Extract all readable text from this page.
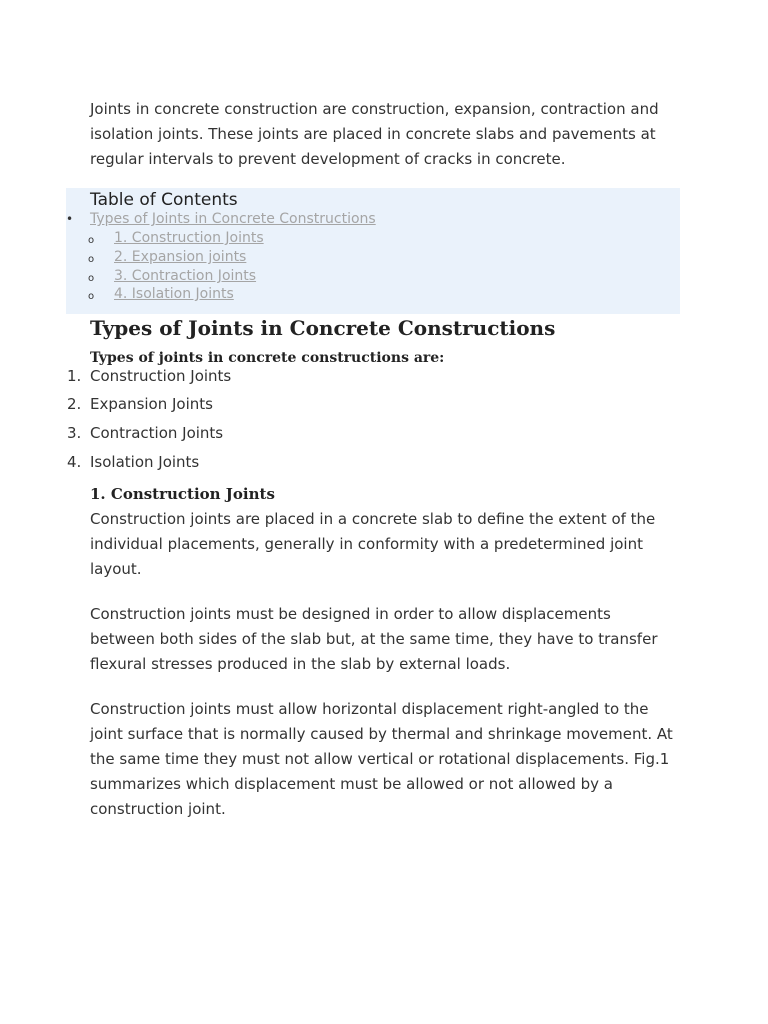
Joints in concrete construction are construction, expansion, contraction and isolation joints. These joints are placed in concrete slabs and pavements at regular intervals to prevent development of cracks in concrete.

Table of Contents
• Types of Joints in Concrete Constructions
o 1. Construction Joints
o 2. Expansion joints
o 3. Contraction Joints
o 4. Isolation Joints
Types of Joints in Concrete Constructions
Types of joints in concrete constructions are:
1. Construction Joints
2. Expansion Joints
3. Contraction Joints
4. Isolation Joints
1. Construction Joints

Construction joints are placed in a concrete slab to define the extent of the individual placements, generally in conformity with a predetermined joint layout.

Construction joints must be designed in order to allow displacements between both sides of the slab but, at the same time, they have to transfer flexural stresses produced in the slab by external loads.

Construction joints must allow horizontal displacement right-angled to the joint surface that is normally caused by thermal and shrinkage movement. At the same time they must not allow vertical or rotational displacements. Fig.1 summarizes which displacement must be allowed or not allowed by a construction joint.
